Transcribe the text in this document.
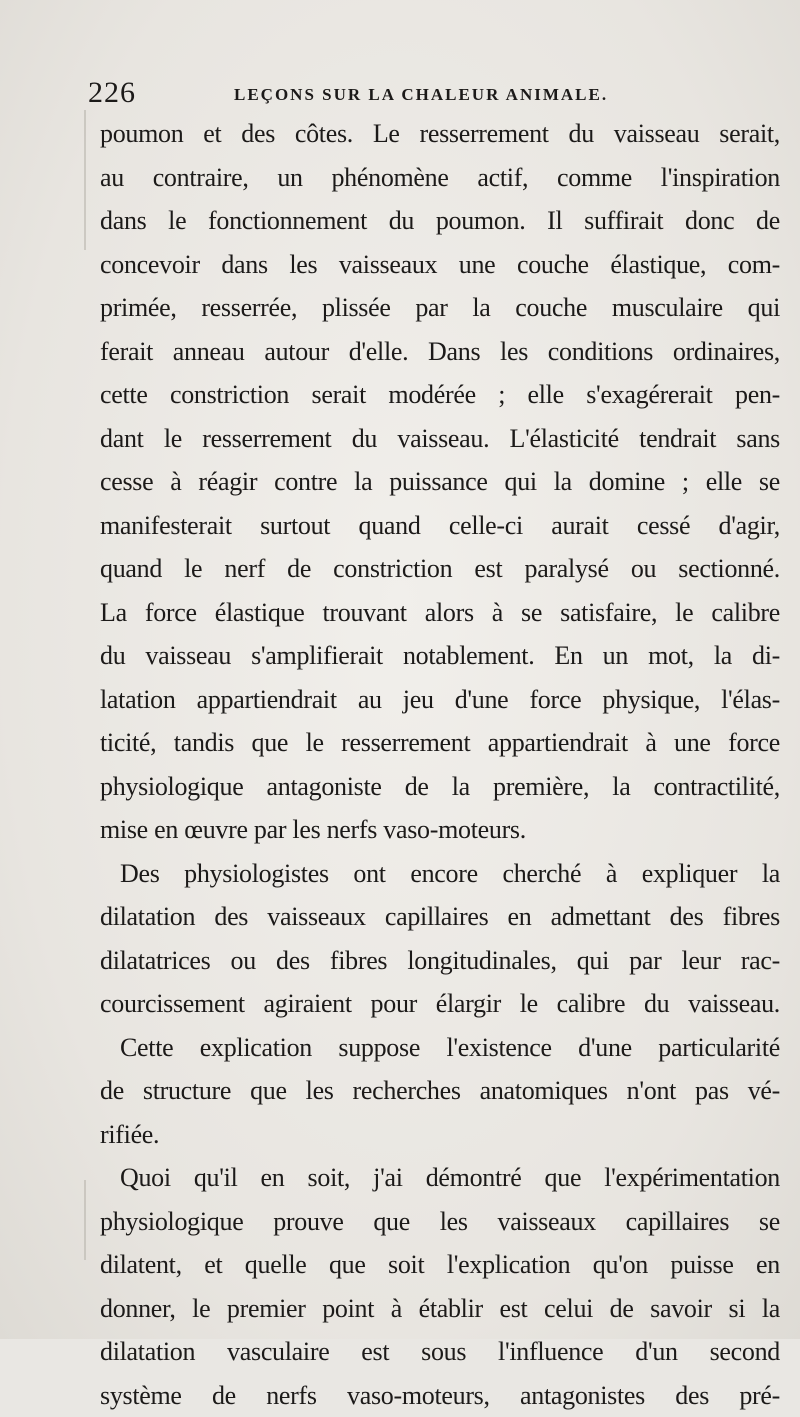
226	LEÇONS SUR LA CHALEUR ANIMALE.
poumon et des côtes. Le resserrement du vaisseau serait,
au contraire, un phénomène actif, comme l'inspiration
dans le fonctionnement du poumon. Il suffirait donc de
concevoir dans les vaisseaux une couche élastique, com-
primée, resserrée, plissée par la couche musculaire qui
ferait anneau autour d'elle. Dans les conditions ordinaires,
cette constriction serait modérée ; elle s'exagérerait pen-
dant le resserrement du vaisseau. L'élasticité tendrait sans
cesse à réagir contre la puissance qui la domine ; elle se
manifesterait surtout quand celle-ci aurait cessé d'agir,
quand le nerf de constriction est paralysé ou sectionné.
La force élastique trouvant alors à se satisfaire, le calibre
du vaisseau s'amplifierait notablement. En un mot, la di-
latation appartiendrait au jeu d'une force physique, l'élas-
ticité, tandis que le resserrement appartiendrait à une force
physiologique antagoniste de la première, la contractilité,
mise en œuvre par les nerfs vaso-moteurs.
Des physiologistes ont encore cherché à expliquer la
dilatation des vaisseaux capillaires en admettant des fibres
dilatatrices ou des fibres longitudinales, qui par leur rac-
courcissement agiraient pour élargir le calibre du vaisseau.
Cette explication suppose l'existence d'une particularité
de structure que les recherches anatomiques n'ont pas vé-
rifiée.
Quoi qu'il en soit, j'ai démontré que l'expérimentation
physiologique prouve que les vaisseaux capillaires se
dilatent, et quelle que soit l'explication qu'on puisse en
donner, le premier point à établir est celui de savoir si la
dilatation vasculaire est sous l'influence d'un second
système de nerfs vaso-moteurs, antagonistes des pré-
